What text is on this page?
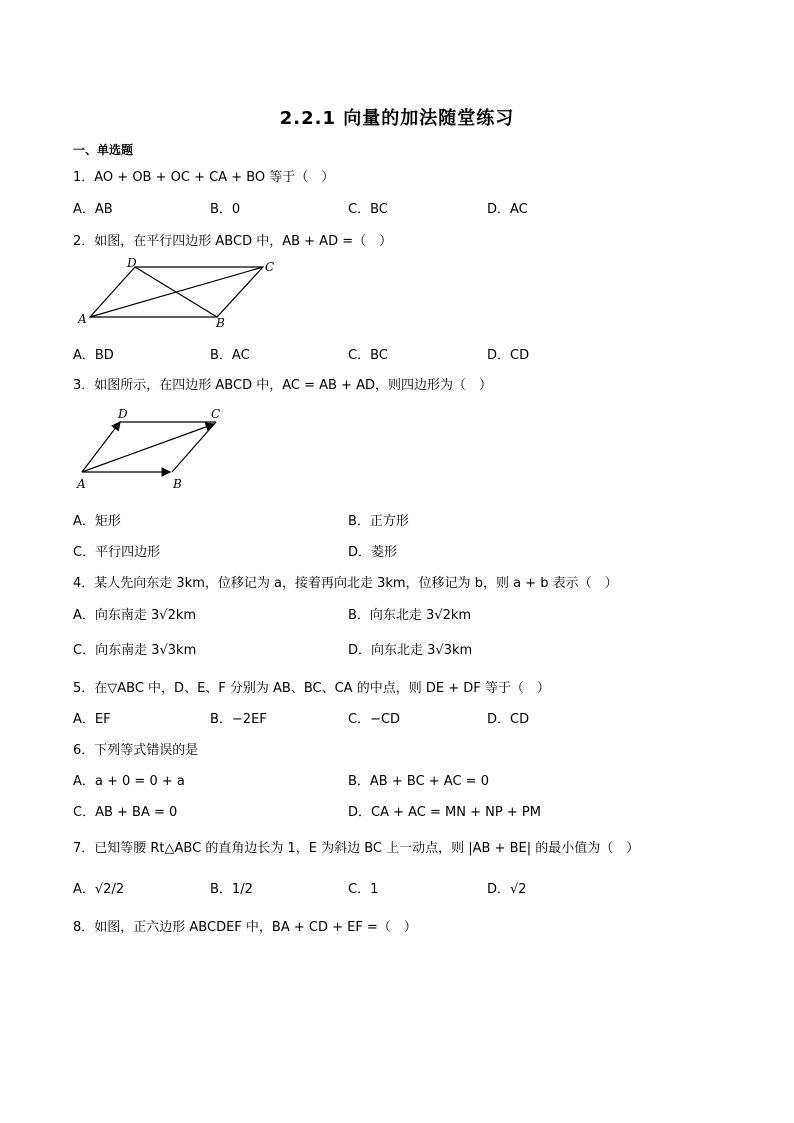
2.2.1 向量的加法随堂练习
一、单选题
1．AO + OB + OC + CA + BO 等于（　）
A．AB	B．0	C．BC	D．AC
2．如图，在平行四边形 ABCD 中，AB + AD =（　）
A	B
C
D
A．BD	B．AC	C．BC	D．CD
3．如图所示，在四边形 ABCD 中，AC = AB + AD，则四边形为（　）
A	B
C
D
A．矩形	B．正方形
C．平行四边形	D．菱形
4．某人先向东走 3km，位移记为 a，接着再向北走 3km，位移记为 b，则 a + b 表示（　）
A．向东南走 3√2km	B．向东北走 3√2km
C．向东南走 3√3km	D．向东北走 3√3km
5．在▽ABC 中，D、E、F 分别为 AB、BC、CA 的中点，则 DE + DF 等于（　）
A．EF	B．−2EF	C．−CD	D．CD
6．下列等式错误的是
A．a + 0 = 0 + a	B．AB + BC + AC = 0
C．AB + BA = 0	D．CA + AC = MN + NP + PM
7．已知等腰 Rt△ABC 的直角边长为 1，E 为斜边 BC 上一动点，则 |AB + BE| 的最小值为（　）
A．√2/2	B．1/2	C．1	D．√2
8．如图，正六边形 ABCDEF 中，BA + CD + EF =（　）
